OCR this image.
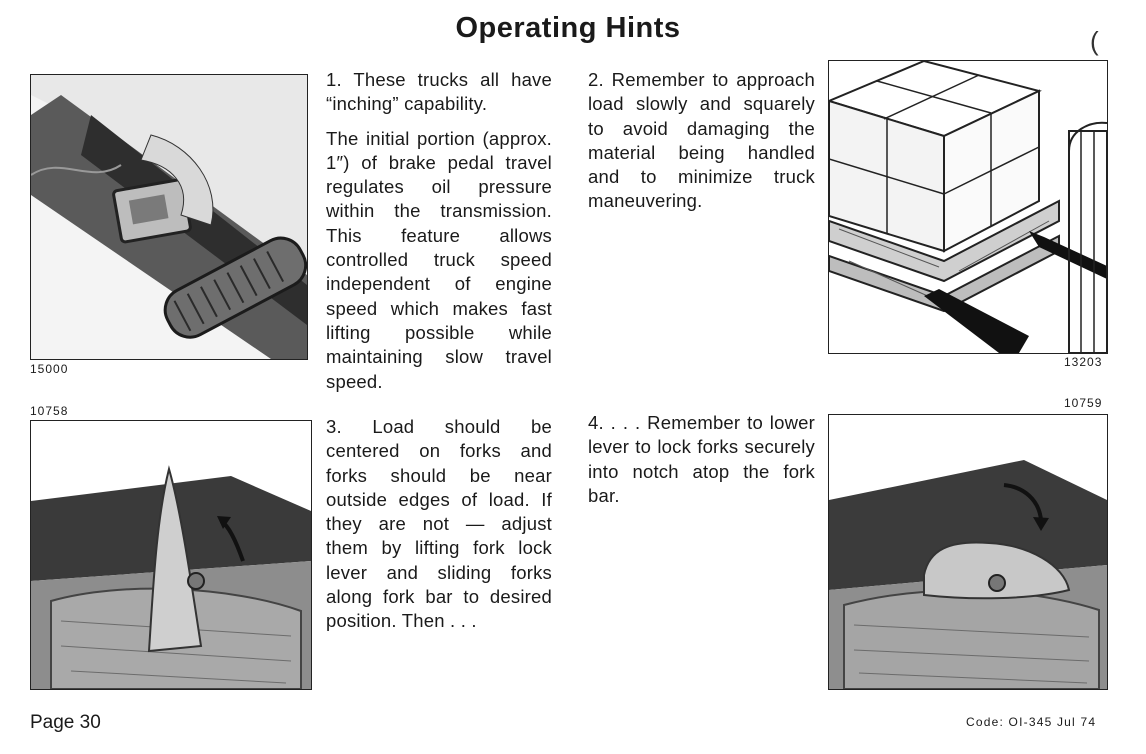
Operating Hints	(
15000	13203
10758
10759

1. These trucks all have “inching” capability.

The initial portion (approx. 1″) of brake pedal travel regulates oil pressure within the transmission. This feature allows controlled truck speed independent of engine speed which makes fast lifting possible while maintaining slow travel speed.

2. Remember to approach load slowly and squarely to avoid damaging the material being handled and to minimize truck maneuvering.

3. Load should be centered on forks and forks should be near outside edges of load. If they are not — adjust them by lifting fork lock lever and sliding forks along fork bar to desired position. Then . . .

4. . . . Remember to lower lever to lock forks securely into notch atop the fork bar.

Page 30	Code: OI-345 Jul 74
